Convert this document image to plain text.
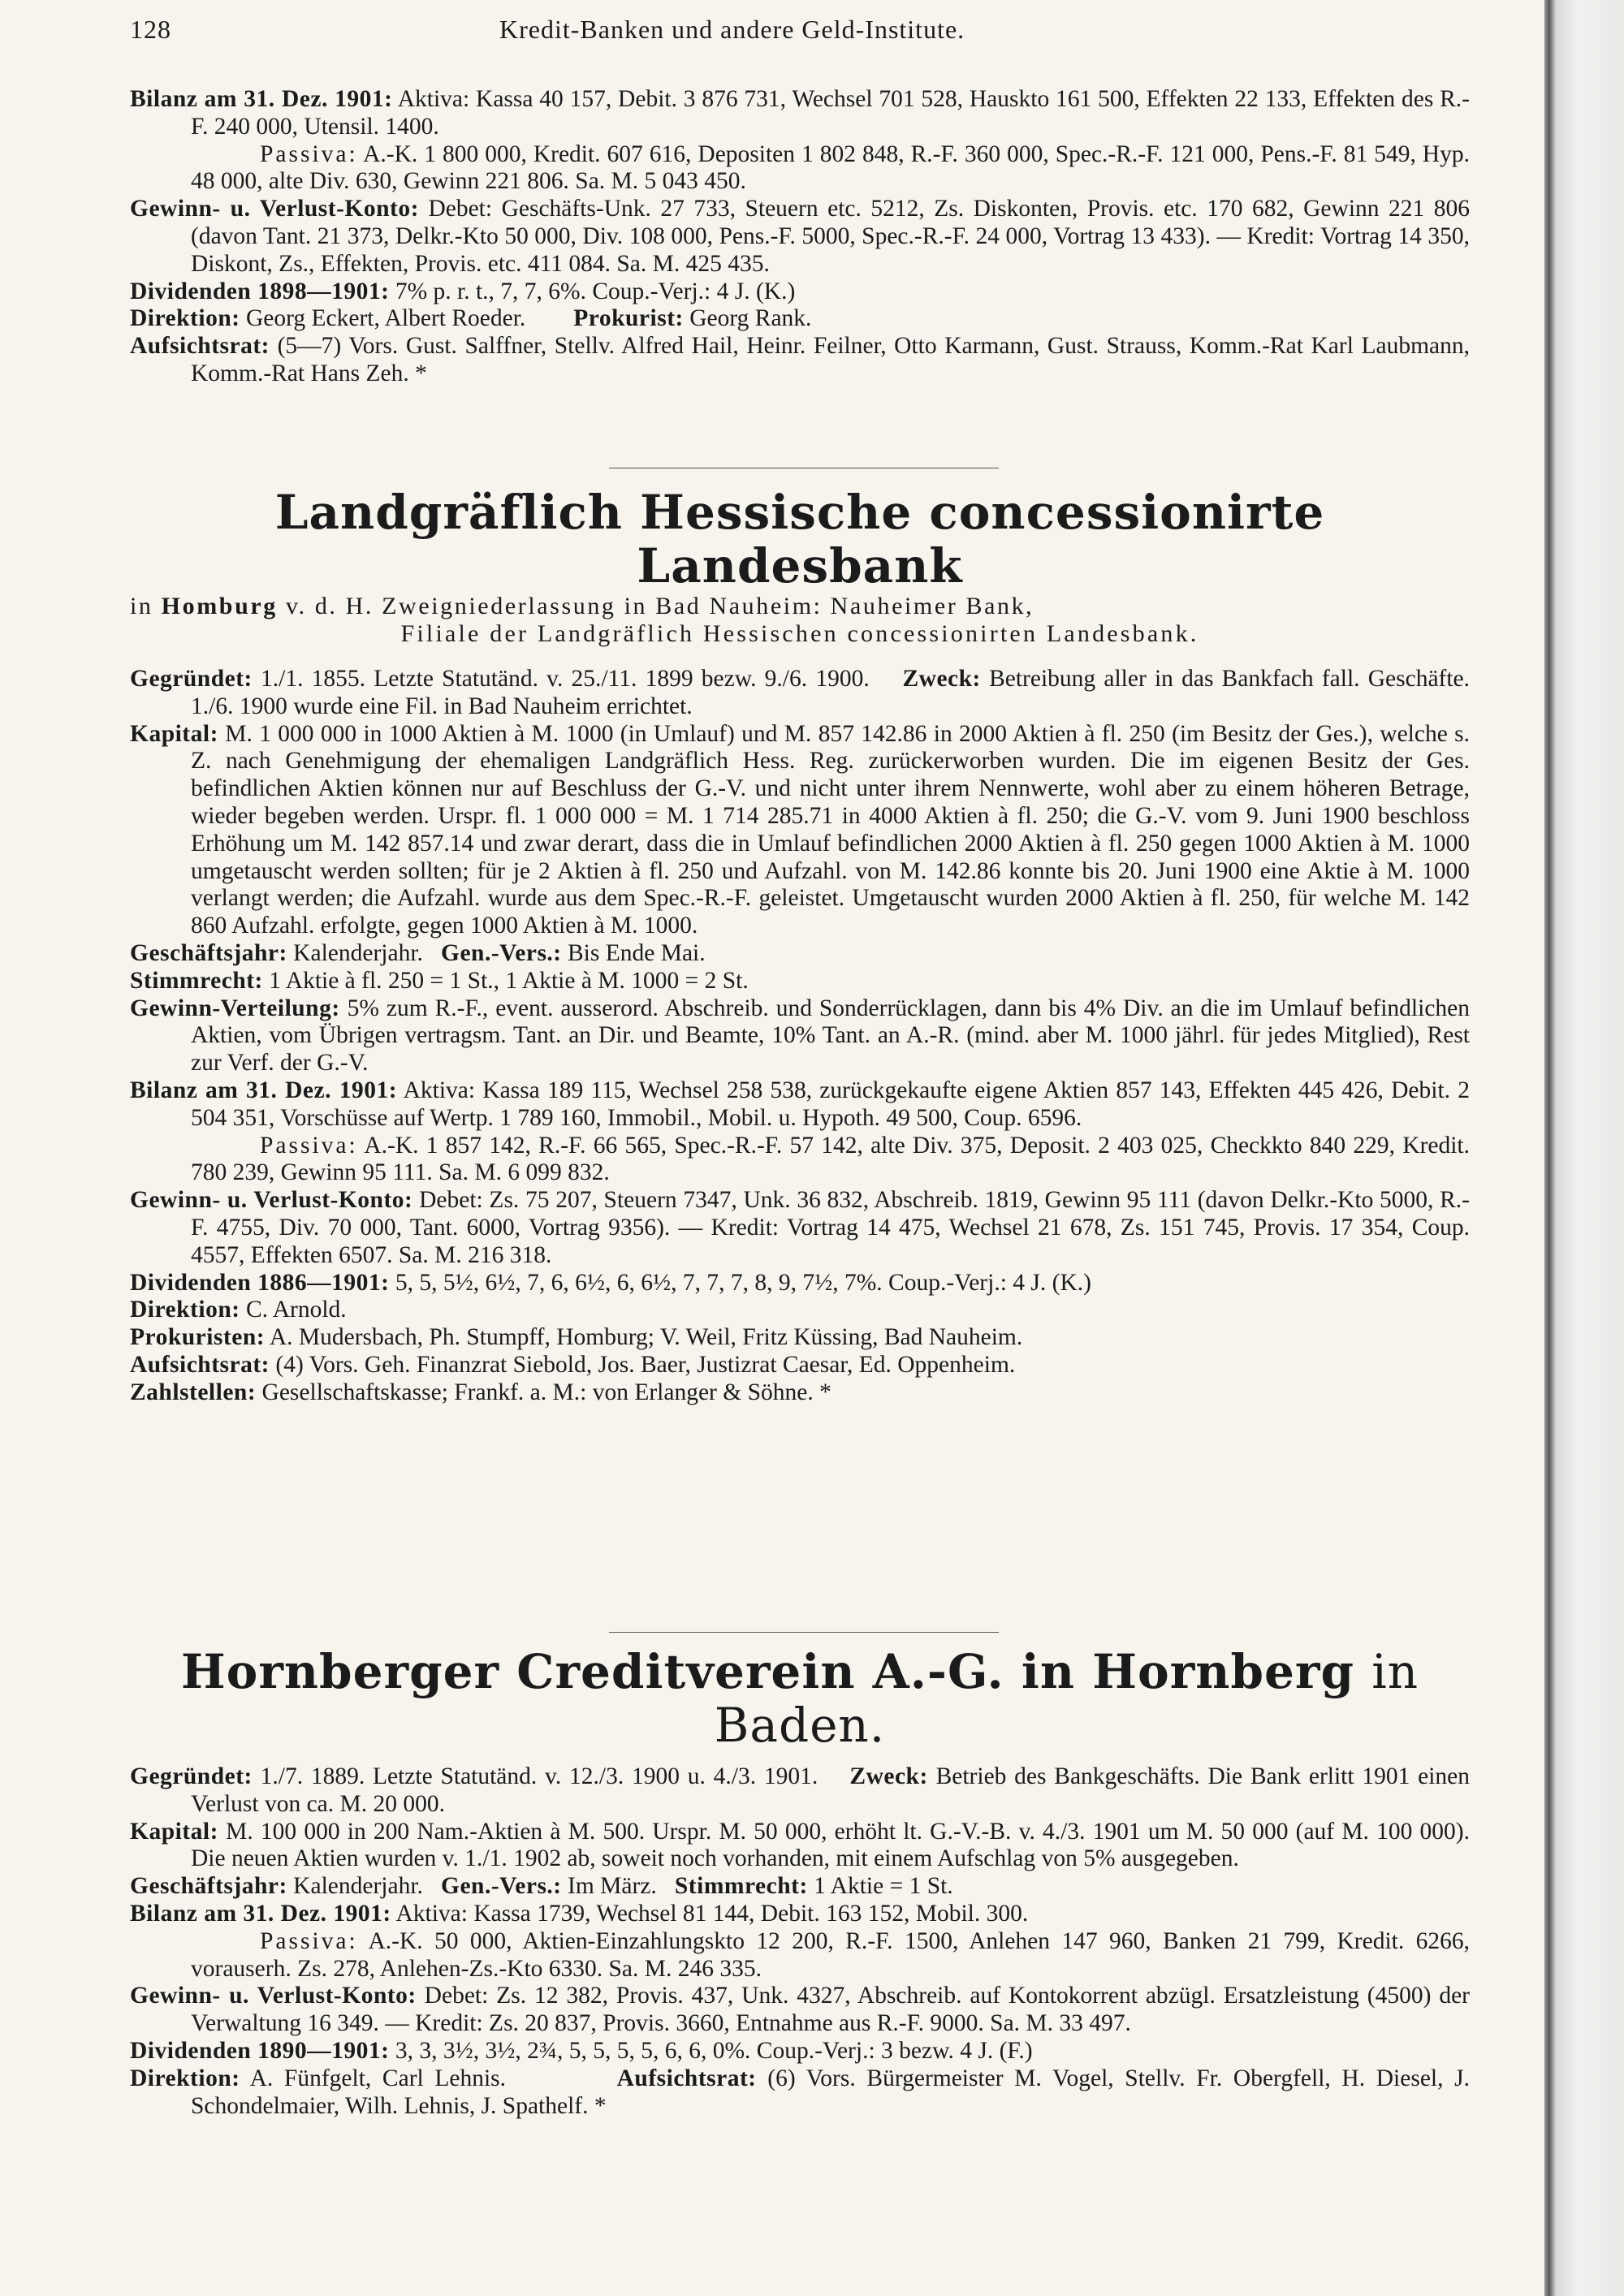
128	Kredit-Banken und andere Geld-Institute.

Bilanz am 31. Dez. 1901: Aktiva: Kassa 40 157, Debit. 3 876 731, Wechsel 701 528, Hauskto 161 500, Effekten 22 133, Effekten des R.-F. 240 000, Utensil. 1400.

Passiva: A.-K. 1 800 000, Kredit. 607 616, Depositen 1 802 848, R.-F. 360 000, Spec.-R.-F. 121 000, Pens.-F. 81 549, Hyp. 48 000, alte Div. 630, Gewinn 221 806. Sa. M. 5 043 450.

Gewinn- u. Verlust-Konto: Debet: Geschäfts-Unk. 27 733, Steuern etc. 5212, Zs. Diskonten, Provis. etc. 170 682, Gewinn 221 806 (davon Tant. 21 373, Delkr.-Kto 50 000, Div. 108 000, Pens.-F. 5000, Spec.-R.-F. 24 000, Vortrag 13 433). — Kredit: Vortrag 14 350, Diskont, Zs., Effekten, Provis. etc. 411 084. Sa. M. 425 435.

Dividenden 1898—1901: 7% p. r. t., 7, 7, 6%. Coup.-Verj.: 4 J. (K.)

Direktion: Georg Eckert, Albert Roeder. Prokurist: Georg Rank.

Aufsichtsrat: (5—7) Vors. Gust. Salffner, Stellv. Alfred Hail, Heinr. Feilner, Otto Karmann, Gust. Strauss, Komm.-Rat Karl Laubmann, Komm.-Rat Hans Zeh. *

Landgräflich Hessische concessionirte Landesbank

in Homburg v. d. H. Zweigniederlassung in Bad Nauheim: Nauheimer Bank,

Filiale der Landgräflich Hessischen concessionirten Landesbank.

Gegründet: 1./1. 1855. Letzte Statutänd. v. 25./11. 1899 bezw. 9./6. 1900. Zweck: Betreibung aller in das Bankfach fall. Geschäfte. 1./6. 1900 wurde eine Fil. in Bad Nauheim errichtet.

Kapital: M. 1 000 000 in 1000 Aktien à M. 1000 (in Umlauf) und M. 857 142.86 in 2000 Aktien à fl. 250 (im Besitz der Ges.), welche s. Z. nach Genehmigung der ehemaligen Landgräflich Hess. Reg. zurückerworben wurden. Die im eigenen Besitz der Ges. befindlichen Aktien können nur auf Beschluss der G.-V. und nicht unter ihrem Nennwerte, wohl aber zu einem höheren Betrage, wieder begeben werden. Urspr. fl. 1 000 000 = M. 1 714 285.71 in 4000 Aktien à fl. 250; die G.-V. vom 9. Juni 1900 beschloss Erhöhung um M. 142 857.14 und zwar derart, dass die in Umlauf befindlichen 2000 Aktien à fl. 250 gegen 1000 Aktien à M. 1000 umgetauscht werden sollten; für je 2 Aktien à fl. 250 und Aufzahl. von M. 142.86 konnte bis 20. Juni 1900 eine Aktie à M. 1000 verlangt werden; die Aufzahl. wurde aus dem Spec.-R.-F. geleistet. Umgetauscht wurden 2000 Aktien à fl. 250, für welche M. 142 860 Aufzahl. erfolgte, gegen 1000 Aktien à M. 1000.

Geschäftsjahr: Kalenderjahr. Gen.-Vers.: Bis Ende Mai.

Stimmrecht: 1 Aktie à fl. 250 = 1 St., 1 Aktie à M. 1000 = 2 St.

Gewinn-Verteilung: 5% zum R.-F., event. ausserord. Abschreib. und Sonderrücklagen, dann bis 4% Div. an die im Umlauf befindlichen Aktien, vom Übrigen vertragsm. Tant. an Dir. und Beamte, 10% Tant. an A.-R. (mind. aber M. 1000 jährl. für jedes Mitglied), Rest zur Verf. der G.-V.

Bilanz am 31. Dez. 1901: Aktiva: Kassa 189 115, Wechsel 258 538, zurückgekaufte eigene Aktien 857 143, Effekten 445 426, Debit. 2 504 351, Vorschüsse auf Wertp. 1 789 160, Immobil., Mobil. u. Hypoth. 49 500, Coup. 6596.

Passiva: A.-K. 1 857 142, R.-F. 66 565, Spec.-R.-F. 57 142, alte Div. 375, Deposit. 2 403 025, Checkkto 840 229, Kredit. 780 239, Gewinn 95 111. Sa. M. 6 099 832.

Gewinn- u. Verlust-Konto: Debet: Zs. 75 207, Steuern 7347, Unk. 36 832, Abschreib. 1819, Gewinn 95 111 (davon Delkr.-Kto 5000, R.-F. 4755, Div. 70 000, Tant. 6000, Vortrag 9356). — Kredit: Vortrag 14 475, Wechsel 21 678, Zs. 151 745, Provis. 17 354, Coup. 4557, Effekten 6507. Sa. M. 216 318.

Dividenden 1886—1901: 5, 5, 5½, 6½, 7, 6, 6½, 6, 6½, 7, 7, 7, 8, 9, 7½, 7%. Coup.-Verj.: 4 J. (K.)

Direktion: C. Arnold.

Prokuristen: A. Mudersbach, Ph. Stumpff, Homburg; V. Weil, Fritz Küssing, Bad Nauheim.

Aufsichtsrat: (4) Vors. Geh. Finanzrat Siebold, Jos. Baer, Justizrat Caesar, Ed. Oppenheim.

Zahlstellen: Gesellschaftskasse; Frankf. a. M.: von Erlanger & Söhne. *

Hornberger Creditverein A.-G. in Hornberg in Baden.

Gegründet: 1./7. 1889. Letzte Statutänd. v. 12./3. 1900 u. 4./3. 1901. Zweck: Betrieb des Bankgeschäfts. Die Bank erlitt 1901 einen Verlust von ca. M. 20 000.

Kapital: M. 100 000 in 200 Nam.-Aktien à M. 500. Urspr. M. 50 000, erhöht lt. G.-V.-B. v. 4./3. 1901 um M. 50 000 (auf M. 100 000). Die neuen Aktien wurden v. 1./1. 1902 ab, soweit noch vorhanden, mit einem Aufschlag von 5% ausgegeben.

Geschäftsjahr: Kalenderjahr. Gen.-Vers.: Im März. Stimmrecht: 1 Aktie = 1 St.

Bilanz am 31. Dez. 1901: Aktiva: Kassa 1739, Wechsel 81 144, Debit. 163 152, Mobil. 300.

Passiva: A.-K. 50 000, Aktien-Einzahlungskto 12 200, R.-F. 1500, Anlehen 147 960, Banken 21 799, Kredit. 6266, vorauserh. Zs. 278, Anlehen-Zs.-Kto 6330. Sa. M. 246 335.

Gewinn- u. Verlust-Konto: Debet: Zs. 12 382, Provis. 437, Unk. 4327, Abschreib. auf Kontokorrent abzügl. Ersatzleistung (4500) der Verwaltung 16 349. — Kredit: Zs. 20 837, Provis. 3660, Entnahme aus R.-F. 9000. Sa. M. 33 497.

Dividenden 1890—1901: 3, 3, 3½, 3½, 2¾, 5, 5, 5, 5, 6, 6, 0%. Coup.-Verj.: 3 bezw. 4 J. (F.)

Direktion: A. Fünfgelt, Carl Lehnis.	Aufsichtsrat: (6) Vors. Bürgermeister M. Vogel, Stellv. Fr. Obergfell, H. Diesel, J. Schondelmaier, Wilh. Lehnis, J. Spathelf. *
